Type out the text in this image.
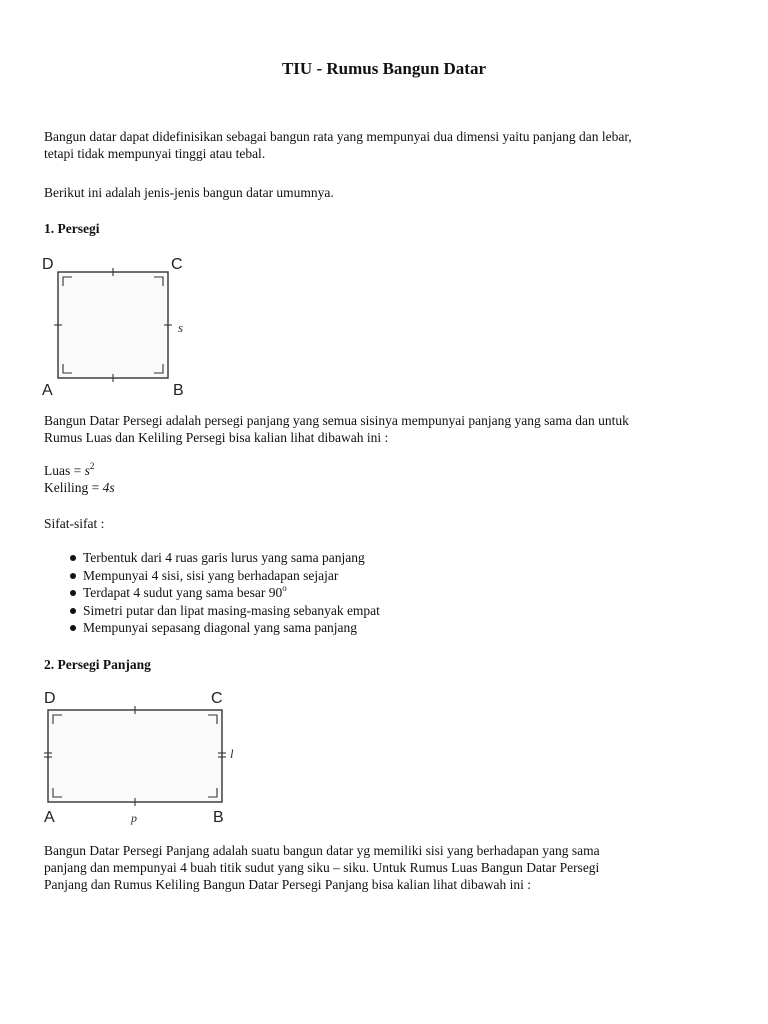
TIU - Rumus Bangun Datar
Bangun datar dapat didefinisikan sebagai bangun rata yang mempunyai dua dimensi yaitu panjang dan lebar,
tetapi tidak mempunyai tinggi atau tebal.
Berikut ini adalah jenis-jenis bangun datar umumnya.
1. Persegi
D	C
A	B
s
Bangun Datar Persegi adalah persegi panjang yang semua sisinya mempunyai panjang yang sama dan untuk
Rumus Luas dan Keliling Persegi bisa kalian lihat dibawah ini :
Luas = $s^2$
Keliling = 4s
Sifat-sifat :
Terbentuk dari 4 ruas garis lurus yang sama panjang
Mempunyai 4 sisi, sisi yang berhadapan sejajar
Terdapat 4 sudut yang sama besar 90$^o$
Simetri putar dan lipat masing-masing sebanyak empat
Mempunyai sepasang diagonal yang sama panjang
2. Persegi Panjang
D	C
A	B
l
p
Bangun Datar Persegi Panjang adalah suatu bangun datar yg memiliki sisi yang berhadapan yang sama
panjang dan mempunyai 4 buah titik sudut yang siku – siku. Untuk Rumus Luas Bangun Datar Persegi
Panjang dan Rumus Keliling Bangun Datar Persegi Panjang bisa kalian lihat dibawah ini :
